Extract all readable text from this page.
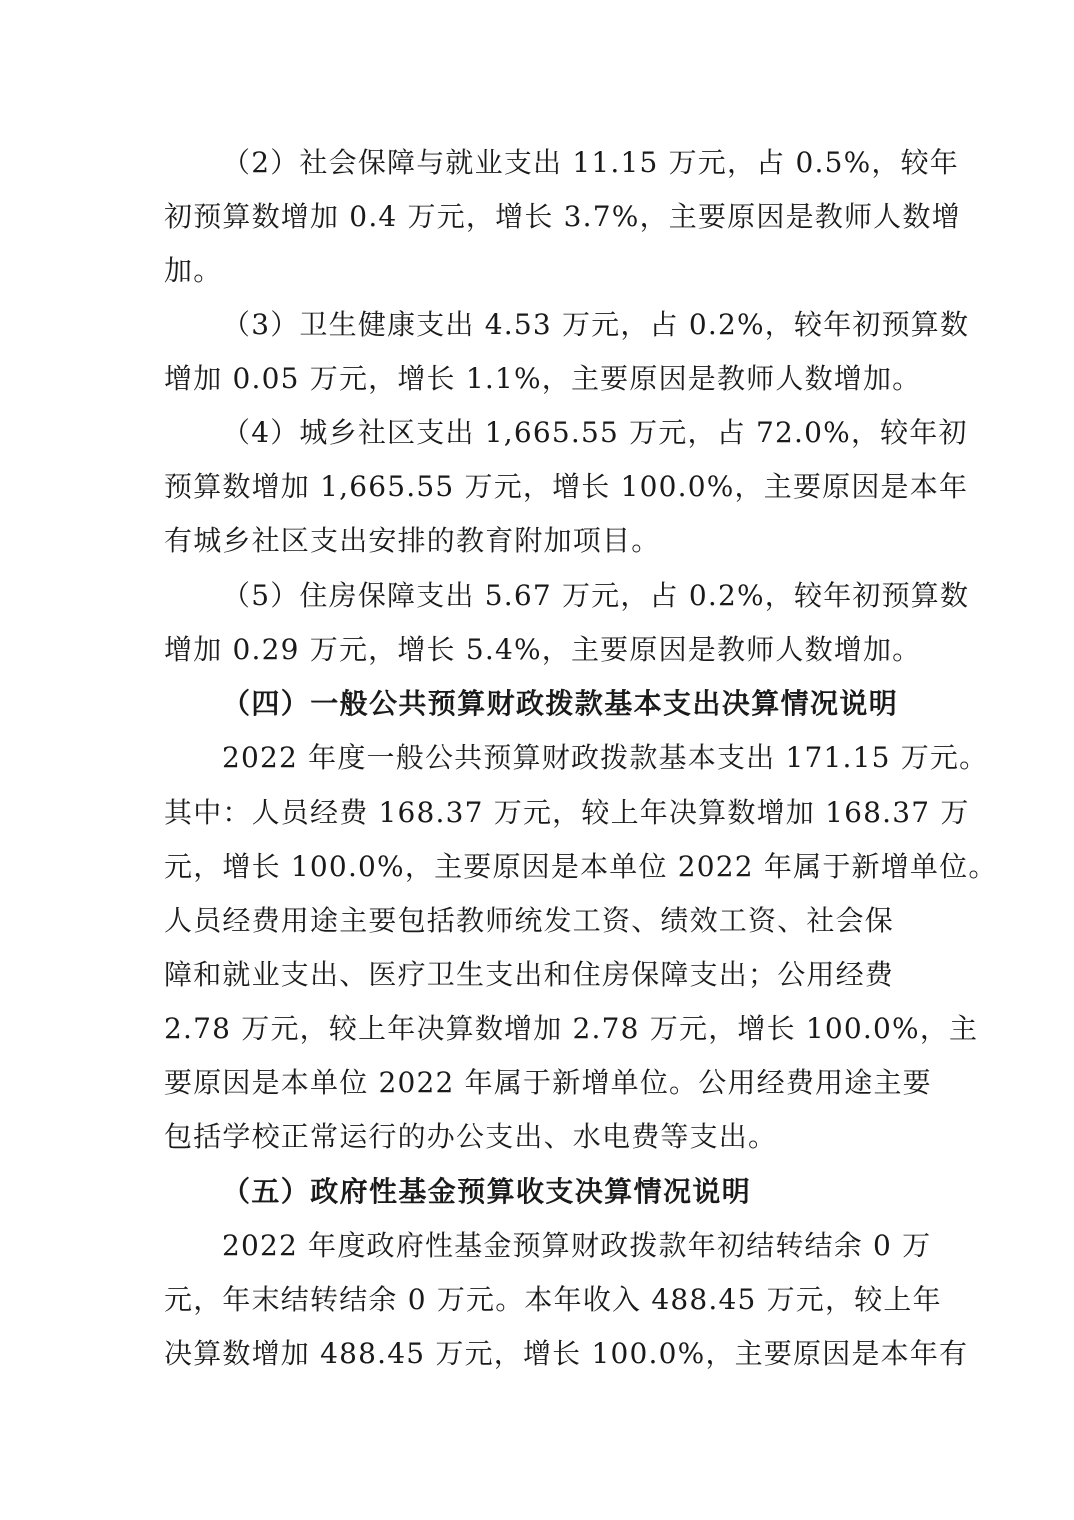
（2）社会保障与就业支出 11.15 万元，占 0.5%，较年

初预算数增加 0.4 万元，增长 3.7%，主要原因是教师人数增

加。

（3）卫生健康支出 4.53 万元，占 0.2%，较年初预算数

增加 0.05 万元，增长 1.1%，主要原因是教师人数增加。

（4）城乡社区支出 1,665.55 万元，占 72.0%，较年初

预算数增加 1,665.55 万元，增长 100.0%，主要原因是本年

有城乡社区支出安排的教育附加项目。

（5）住房保障支出 5.67 万元，占 0.2%，较年初预算数

增加 0.29 万元，增长 5.4%，主要原因是教师人数增加。

（四）一般公共预算财政拨款基本支出决算情况说明

2022 年度一般公共预算财政拨款基本支出 171.15 万元。

其中：人员经费 168.37 万元，较上年决算数增加 168.37 万

元，增长 100.0%，主要原因是本单位 2022 年属于新增单位。

人员经费用途主要包括教师统发工资、绩效工资、社会保

障和就业支出、医疗卫生支出和住房保障支出；公用经费

2.78 万元，较上年决算数增加 2.78 万元，增长 100.0%，主

要原因是本单位 2022 年属于新增单位。公用经费用途主要

包括学校正常运行的办公支出、水电费等支出。

（五）政府性基金预算收支决算情况说明

2022 年度政府性基金预算财政拨款年初结转结余 0 万

元，年末结转结余 0 万元。本年收入 488.45 万元，较上年

决算数增加 488.45 万元，增长 100.0%，主要原因是本年有
